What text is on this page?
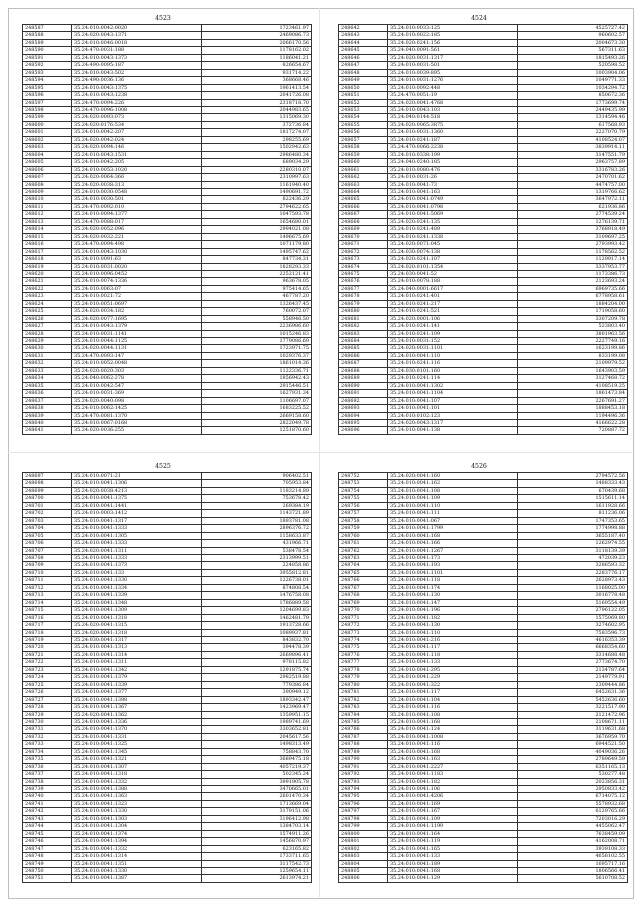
4523
248587	35.24:010:0042:0020	1723461.97
248588	35.24:020:0043:1371	2469086.73
248589	35.24:010:0046:0018	2066170.56
248590	35.24:470:0031:188	1178162.02
248591	35.24:010:0043:1373	1186041.21
248592	35.24:490:0095:187	826654.67
248593	35.24:010:0043:502	931714.22
248594	35.24:490:0036:136	368668.46
248595	35.24:010:0043:1375	1961413.54
248596	35.24:010:0043:1238	2041726.08
248597	35.24:470:0094:226	2318718.70
248598	35.24:470:0096:1008	2044983.65
248599	35.24:020:0093:073	1315069.30
248600	35.24:020:0176:534	372736.84
248601	35.24:010:0042:207	1817274.07
248602	35.24:020:0042:024	298255.69
248603	35.24:020:0094:146	1502942.63
248604	35.24:010:0043:1531	2986480.34
248605	35.24:010:0042:205	689034.29
248606	35.24:010:0053:1020	2280310.07
248607	35.24:020:0064:366	2310997.63
248608	35.24:020:0038:313	1161940.40
248609	35.24:010:0030:0548	1490691.72
248610	35.24:010:0030:501	822436.29
248611	35.24:470:0092:010	2794622.65
248612	35.24:010:0094:1377	1047593.78
248613	35.24:470:0088:017	1654680.01
248614	35.24:020:0052:096	2994021.08
248615	35.24:020:0032:221	1496675.69
248616	35.24:470:0094:498	1071179.80
248617	35.24:010:0043:1030	1495747.62
248618	35.24:010:0091:63	847734.31
248619	35.24:010:0031:0020	1828293.33
248620	35.24:010:0096:0452	2252121.41
248621	35.24:010:0074:1336	963678.05
248622	35.24:010:0063:07	975414.65
248623	35.24:010:0021:72	467787.20
248624	35.24:010:0051:0697	1326437.45
248625	35.24:020:0034:182	760072.07
248626	35.24:020:0077:1695	558946.50
248627	35.24:010:0043:1379	2236986.60
248628	35.24:010:0031:1141	1015246.83
248629	35.24:010:0044:1125	1779086.69
248630	35.24:020:0044:1131	1723971.75
248631	35.24:470:0093:147	1029376.37
248632	35.24:010:0052:0048	1861014.36
248633	35.24:020:0020:303	1122336.71
248634	35.24:040:0062:278	1856942.43
248635	35.24:010:0042:547	2915446.51
248636	35.24:010:0031:369	1627931.34
248637	35.24:020:0040:098	1106697.07
248638	35.24:010:0062:1425	1683225.52
248639	35.24:470:0081:1370	2669158.60
248640	35.24:010:0067:0168	2822049.78
248641	35.24:020:0036:255	1251870.60
4524
248642	35.24:010:0033:125	4525727.42
248643	35.24:010:0022:185	960602.57
248644	35.24:020:0241:156	2004673.30
248645	35.24:040:0091:561	567311.63
248646	35.24:020:0031:1317	1815493.26
248647	35.24:010:0031:501	520598.52
248648	35.24:010:0039:895	1003904.06
248649	35.24:010:0031:1276	1049771.33
248650	35.24:010:0092:448	1034294.72
248651	35.24:470:0051:19	850672.36
248652	35.24:020:0041:4768	1773699.74
248653	35.24:010:0043:103	2449435.99
248654	35.24:040:0144:518	1314594.46
248655	35.24:020:0065:3875	617568.93
248656	35.24:010:0031:1360	2227070.79
248657	35.24:010:0241:187	4108524.07
248658	35.24:470:0066:2238	3839914.11
248659	35.24:010:0338:199	3147551.79
248660	35.24:040:0240:185	2963757.89
248661	35.24:010:0080:476	3316783.26
248662	35.24:010:0031:26	2470701.62
248663	35.24:010:0041:73	4474757.00
248664	35.24:010:0041:163	1319766.62
248665	35.24:010:0041:0749	3647972.11
248666	35.24:010:0041:0798	621936.86
248667	35.24:010:0041:5069	2774539.24
248668	35.24:020:0241:135	1276139.71
248669	35.24:010:0241:489	3768918.49
248670	35.24:010:0241:1338	3109697.25
248671	35.24:020:0071:045	2793993.42
248672	35.24:030:0074:138	1178562.52
248673	35.24:020:0241:107	1129917.14
248674	35.24:020:0101:1354	3337953.77
248675	35.24:030:0041:52	1173386.73
248676	35.24:010:0078:188	2123693.24
248677	35.24:040:0001:6617	6969735.66
248678	35.24:010:0241:401	6778958.61
248679	35.24:010:0241:217	1884204.00
248680	35.24:010:0241:521	1719058.60
248681	35.24:020:0001:106	3307209.78
248682	35.24:010:0241:141	523803.40
248683	35.24:010:0241:109	3801963.56
248684	35.24:010:0031:152	2227749.16
248685	35.24:020:0031:1101	1623199.86
248686	35.24:010:0041:110	833199.08
248687	35.24:010:0241:116	2109979.52
248688	35.24:030:0101:160	1643903.59
248689	35.24:010:0241:114	3127468.72
248690	35.24:010:0041:1302	4108519.25
248691	35.24:010:0041:1104	1861473.84
248692	35.24:010:0041:107	2267691.27
248693	35.24:010:0041:101	1888453.18
248694	35.24:010:0102:123	1194496.36
248695	35.24:020:0043:1317	4166622.28
248696	35.24:010:0041:138	720887.72
4525
248697	35.24:010:0071:21	906402.51
248698	35.24:010:0041:1306	705953.84
248699	35.24:020:0038:4213	1183214.89
248700	35.24:010:0041:1375	753678.42
248701	35.24:010:0041:1441	269384.19
248702	35.24:010:0003:1412	1143721.89
248703	35.24:010:0041:1317	1893781.08
248704	35.24:010:0041:1333	2896376.72
248705	35.24:010:0041:1305	1158633.87
248706	35.24:010:0041:1333	431966.71
248707	35.24:020:0041:1311	538478.54
248708	35.24:010:0041:1333	2313999.51
248709	35.24:010:0041:1373	224858.86
248710	35.24:010:0041:133	3955812.81
248711	35.24:010:0041:1330	1226738.01
248712	35.24:010:0041:1334	874808.54
248713	35.24:010:0041:1339	1476758.08
248714	35.24:010:0041:1348	1786889.58
248715	35.24:010:0041:1309	1204699.83
248716	35.24:010:0041:1318	1462481.79
248717	35.24:020:0041:1315	1913728.66
248718	35.24:020:0041:1318	1089937.81
248719	35.24:030:0041:1317	843832.70
248720	35.24:010:0041:1313	394478.39
248721	35.24:010:0041:1314	2669896.41
248722	35.24:010:0041:1311	978115.82
248723	35.24:010:0041:1342	1291875.74
248724	35.24:010:0041:1379	2982519.88
248725	35.24:010:0041:1339	779386.84
248726	35.24:010:0041:1377	390949.12
248727	35.24:010:0041:1398	1893342.47
248728	35.24:010:0041:1367	1423969.47
248729	35.24:020:0041:1362	1359951.15
248730	35.24:010:0041:1336	1989741.69
248731	35.24:010:0041:1370	3303652.81
248732	35.24:010:0041:1331	2045617.56
248733	35.24:010:0041:1325	1498313.49
248734	35.24:010:0041:1345	758843.70
248735	35.24:010:0041:1321	3689475.18
248736	35.24:010:0041:1307	4057219.37
248737	35.24:010:0041:1318	502345.24
248738	35.24:010:0041:1332	3991905.78
248739	35.24:010:0041:1388	3470665.01
248740	35.24:010:0041:1363	2601470.34
248741	35.24:010:0041:1323	1713669.04
248742	35.24:010:0041:1330	3179151.06
248743	35.24:010:0041:1303	3196412.98
248744	35.24:010:0041:1304	1384703.14
248745	35.24:010:0041:1374	1574911.26
248746	35.24:010:0041:1394	1456870.97
248747	35.24:010:0041:1332	623165.82
248748	35.24:010:0041:1314	1733711.65
248749	35.24:010:0041:1351	3117542.73
248750	35.24:010:0041:1330	1259654.11
248751	35.24:010:0041:1387	2613974.21
4526
248752	35.24:020:0041:160	2794572.56
248753	35.24:010:0041:162	1488333.43
248754	35.24:010:0041:108	670439.68
248755	35.24:010:0041:109	1515611.14
248756	35.24:010:0041:110	1611928.66
248757	35.24:010:0041:111	811236.06
248758	35.24:010:0041:067	1747353.65
248759	35.24:010:0041:1799	1774998.88
248760	35.24:010:0041:168	3655187.40
248761	35.24:010:0041:166	1262974.55
248762	35.24:010:0041:1267	3118139.39
248763	35.24:010:0041:173	472039.23
248764	35.24:010:0041:193	3286593.32
248765	35.24:010:0041:1101	2283776.17
248766	35.24:010:0041:118	2628973.43
248767	35.24:010:0041:174	1168025.00
248768	35.24:010:0041:130	3016778.48
248769	35.24:010:0041:147	5169554.49
248770	35.24:010:0041:196	2796122.05
248771	35.24:010:0041:182	1575069.80
248772	35.24:010:0041:130	3274602.95
248773	35.24:010:0041:110	7583596.73
248774	35.24:010:0041:216	4616353.39
248775	35.24:010:0041:117	6668354.60
248776	35.24:010:0041:118	3314688.48
248777	35.24:010:0041:133	2773674.70
248778	35.24:010:0041:295	2134787.64
248779	35.24:010:0041:229	2149779.91
248780	35.24:010:0041:322	2309444.86
248781	35.24:010:0041:117	6452631.36
248782	35.24:010:0041:104	5452636.60
248783	35.24:010:0041:116	3221517.90
248784	35.24:010:0041:108	2121472.96
248785	35.24:010:0041:168	2108671.11
248786	35.24:010:0041:124	3119631.68
248787	35.24:010:0041:1008	3676959.70
248788	35.24:010:0041:116	6944521.50
248789	35.24:010:0041:168	4049036.26
248790	35.24:010:0041:163	2789649.59
248791	35.24:010:0041:2227	6351165.13
248792	35.24:010:0041:1183	530277.48
248793	35.24:010:0041:182	2023856.31
248794	35.24:010:0041:106	2950833.42
248795	35.24:010:0041:4206	6714075.12
248796	35.24:010:0041:169	5578932.68
248797	35.24:010:0041:167	6129765.66
248798	35.24:010:0041:109	7203016.29
248799	35.24:010:0041:1199	4455062.47
248800	35.24:010:0041:164	7638459.09
248801	35.24:010:0041:119	4162008.71
248802	35.24:010:0041:165	3939108.33
248803	35.24:010:0041:133	4658102.55
248804	35.24:010:0041:189	1695717.16
248805	35.24:010:0041:168	1806566.41
248806	35.24:010:0041:129	5610708.52
